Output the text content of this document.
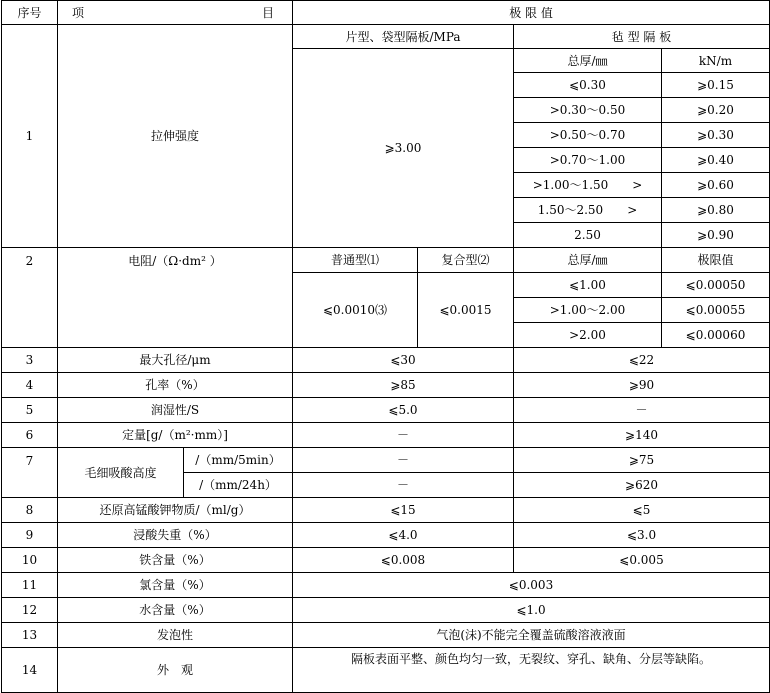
序号	项 目		极 限 值			
1	拉伸强度		片型、袋型隔板/MPa		毡 型 隔 板	
			⩾3.00		总厚/㎜	kN/m
					⩽0.30	⩾0.15
					>0.30～0.50	⩾0.20
					>0.50～0.70	⩾0.30
					>0.70～1.00	⩾0.40
					>1.00～1.50　　>	⩾0.60
					1.50～2.50　　>	⩾0.80
					2.50	⩾0.90
2	电阻/（Ω·dm² ）		普通型⑴	复合型⑵	总厚/㎜	极限值
			⩽0.0010⑶	⩽0.0015	⩽1.00	⩽0.00050
					>1.00～2.00	⩽0.00055
					>2.00	⩽0.00060
3	最大孔径/μm		⩽30		⩽22	
4	孔率（%）		⩾85		⩾90	
5	润湿性/S		⩽5.0		－	
6	定量[g/（m²·mm）]		－		⩾140	
7	毛细吸酸高度	/（mm/5min）	－		⩾75	
		/（mm/24h）	－		⩾620	
8	还原高锰酸钾物质/（ml/g）		⩽15		⩽5	
9	浸酸失重（%）		⩽4.0		⩽3.0	
10	铁含量（%）		⩽0.008		⩽0.005	
11	氯含量（%）		⩽0.003			
12	水含量（%）		⩽1.0			
13	发泡性		气泡(沫)不能完全覆盖硫酸溶液液面			
14	外　观		隔板表面平整、颜色均匀一致，无裂纹、穿孔、缺角、分层等缺陷。			
